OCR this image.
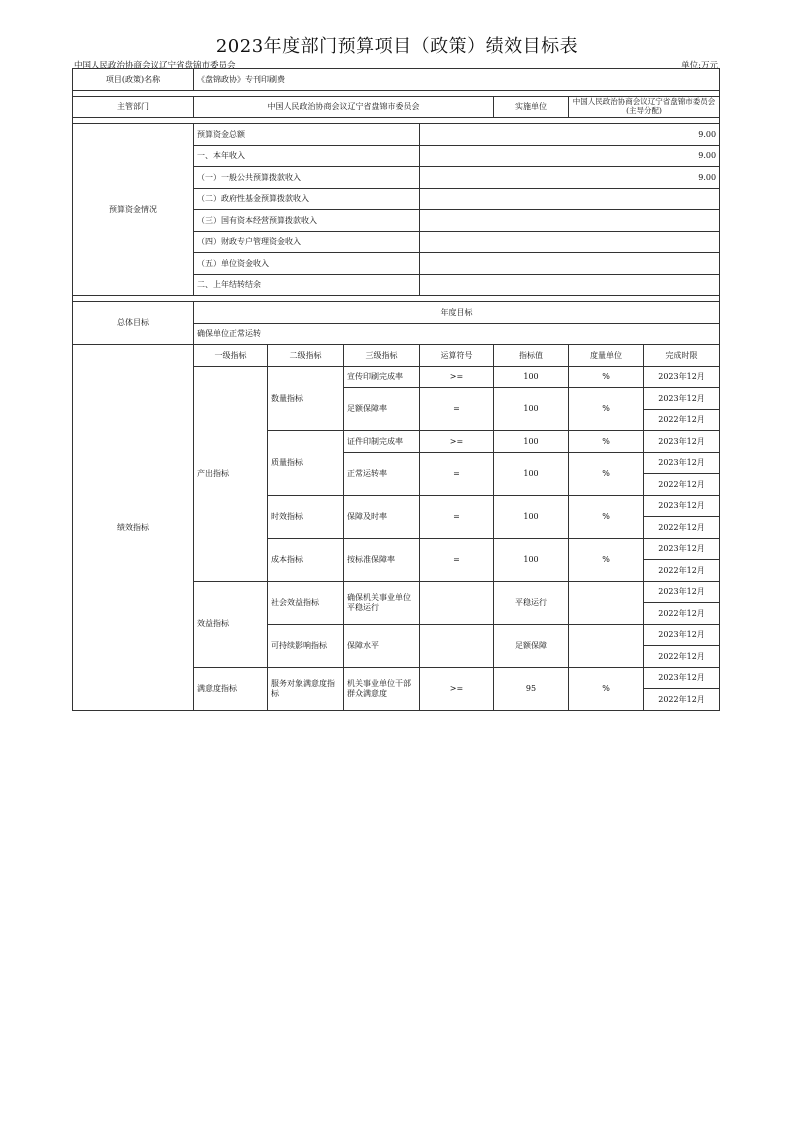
2023年度部门预算项目（政策）绩效目标表
中国人民政治协商会议辽宁省盘锦市委员会	单位:万元
项目(政策)名称	《盘锦政协》专刊印刷费						

主管部门	中国人民政治协商会议辽宁省盘锦市委员会				实施单位	中国人民政治协商会议辽宁省盘锦市委员会(主导分配)	

预算资金情况	预算资金总额			9.00			
	一、本年收入			9.00			
	（一）一般公共预算拨款收入			9.00			
	（二）政府性基金预算拨款收入						
	（三）国有资本经营预算拨款收入						
	（四）财政专户管理资金收入						
	（五）单位资金收入						
	二、上年结转结余						

总体目标	年度目标						
	确保单位正常运转						
绩效指标	一级指标	二级指标	三级指标	运算符号	指标值	度量单位	完成时限
	产出指标	数量指标	宣传印刷完成率	>=	100	%	2023年12月
			足额保障率	=	100	%	2023年12月
							2022年12月
		质量指标	证件印制完成率	>=	100	%	2023年12月
			正常运转率	=	100	%	2023年12月
							2022年12月
		时效指标	保障及时率	=	100	%	2023年12月
							2022年12月
		成本指标	按标准保障率	=	100	%	2023年12月
							2022年12月
	效益指标	社会效益指标	确保机关事业单位平稳运行		平稳运行		2023年12月
							2022年12月
		可持续影响指标	保障水平		足额保障		2023年12月
							2022年12月
	满意度指标	服务对象满意度指标	机关事业单位干部群众满意度	>=	95	%	2023年12月
							2022年12月
